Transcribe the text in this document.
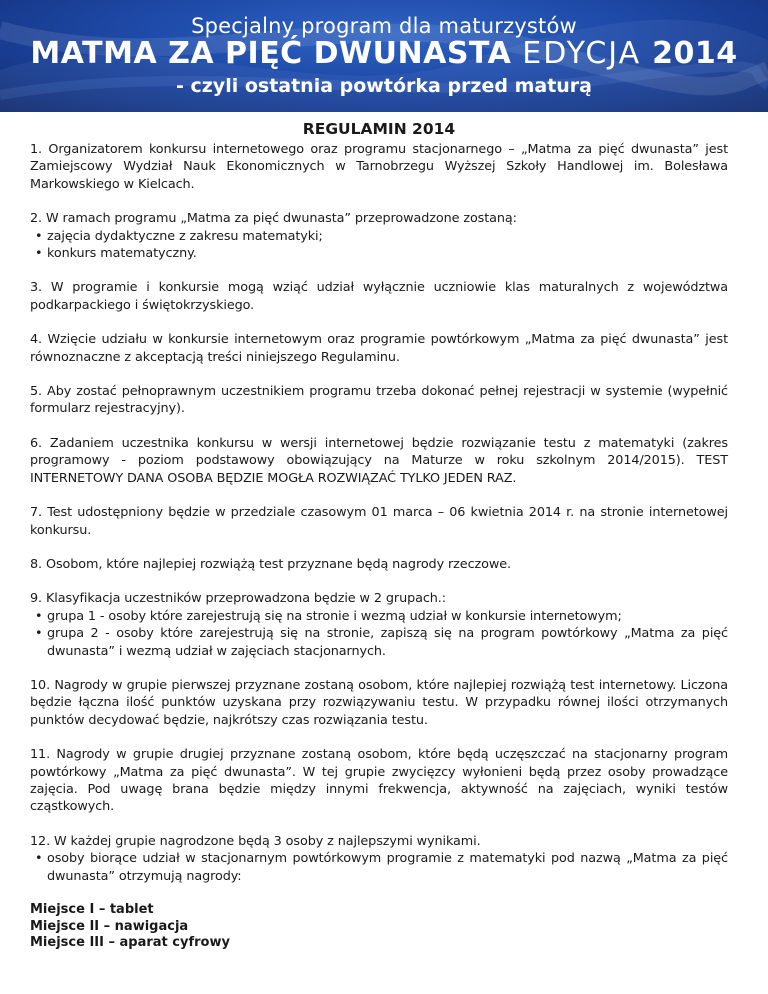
Specjalny program dla maturzystów
MATMA ZA PIĘĆ DWUNASTA EDYCJA 2014
- czyli ostatnia powtórka przed maturą
REGULAMIN 2014
1. Organizatorem konkursu internetowego oraz programu stacjonarnego – „Matma za pięć dwunasta” jest Zamiejscowy Wydział Nauk Ekonomicznych w Tarnobrzegu Wyższej Szkoły Handlowej im. Bolesława Markowskiego w Kielcach.
2. W ramach programu „Matma za pięć dwunasta” przeprowadzone zostaną:
• zajęcia dydaktyczne z zakresu matematyki;
• konkurs matematyczny.
3. W programie i konkursie mogą wziąć udział wyłącznie uczniowie klas maturalnych z województwa podkarpackiego i świętokrzyskiego.
4. Wzięcie udziału w konkursie internetowym oraz programie powtórkowym „Matma za pięć dwunasta” jest równoznaczne z akceptacją treści niniejszego Regulaminu.
5. Aby zostać pełnoprawnym uczestnikiem programu trzeba dokonać pełnej rejestracji w systemie (wypełnić formularz rejestracyjny).
6. Zadaniem uczestnika konkursu w wersji internetowej będzie rozwiązanie testu z matematyki (zakres programowy - poziom podstawowy obowiązujący na Maturze w roku szkolnym 2014/2015). TEST INTERNETOWY DANA OSOBA BĘDZIE MOGŁA ROZWIĄZAĆ TYLKO JEDEN RAZ.
7. Test udostępniony będzie w przedziale czasowym 01 marca – 06 kwietnia 2014 r. na stronie internetowej konkursu.
8. Osobom, które najlepiej rozwiążą test przyznane będą nagrody rzeczowe.
9. Klasyfikacja uczestników przeprowadzona będzie w 2 grupach.:
• grupa 1 - osoby które zarejestrują się na stronie i wezmą udział w konkursie internetowym;
• grupa 2 - osoby które zarejestrują się na stronie, zapiszą się na program powtórkowy „Matma za pięć dwunasta” i wezmą udział w zajęciach stacjonarnych.
10. Nagrody w grupie pierwszej przyznane zostaną osobom, które najlepiej rozwiążą test internetowy. Liczona będzie łączna ilość punktów uzyskana przy rozwiązywaniu testu. W przypadku równej ilości otrzymanych punktów decydować będzie, najkrótszy czas rozwiązania testu.
11. Nagrody w grupie drugiej przyznane zostaną osobom, które będą uczęszczać na stacjonarny program powtórkowy „Matma za pięć dwunasta”. W tej grupie zwycięzcy wyłonieni będą przez osoby prowadzące zajęcia. Pod uwagę brana będzie między innymi frekwencja, aktywność na zajęciach, wyniki testów cząstkowych.
12. W każdej grupie nagrodzone będą 3 osoby z najlepszymi wynikami.
• osoby biorące udział w stacjonarnym powtórkowym programie z matematyki pod nazwą „Matma za pięć dwunasta” otrzymują nagrody:
Miejsce I – tablet
Miejsce II – nawigacja
Miejsce III – aparat cyfrowy
